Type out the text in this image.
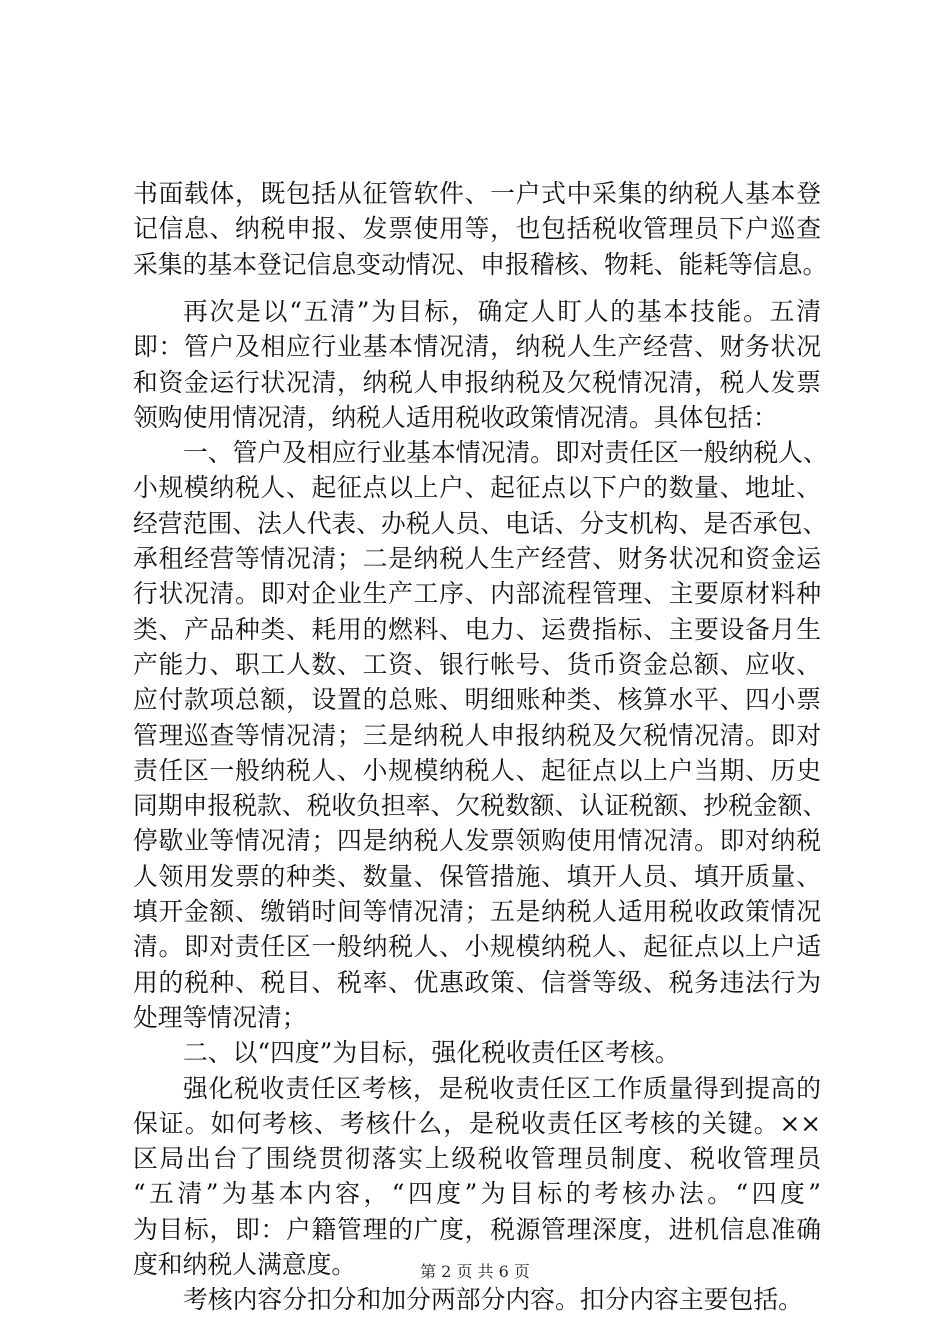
书面载体，既包括从征管软件、一户式中采集的纳税人基本登
记信息、纳税申报、发票使用等，也包括税收管理员下户巡查
采集的基本登记信息变动情况、申报稽核、物耗、能耗等信息。
再次是以“五清”为目标，确定人盯人的基本技能。五清
即：管户及相应行业基本情况清，纳税人生产经营、财务状况
和资金运行状况清，纳税人申报纳税及欠税情况清，税人发票
领购使用情况清，纳税人适用税收政策情况清。具体包括：
一、管户及相应行业基本情况清。即对责任区一般纳税人、
小规模纳税人、起征点以上户、起征点以下户的数量、地址、
经营范围、法人代表、办税人员、电话、分支机构、是否承包、
承租经营等情况清；二是纳税人生产经营、财务状况和资金运
行状况清。即对企业生产工序、内部流程管理、主要原材料种
类、产品种类、耗用的燃料、电力、运费指标、主要设备月生
产能力、职工人数、工资、银行帐号、货币资金总额、应收、
应付款项总额，设置的总账、明细账种类、核算水平、四小票
管理巡查等情况清；三是纳税人申报纳税及欠税情况清。即对
责任区一般纳税人、小规模纳税人、起征点以上户当期、历史
同期申报税款、税收负担率、欠税数额、认证税额、抄税金额、
停歇业等情况清；四是纳税人发票领购使用情况清。即对纳税
人领用发票的种类、数量、保管措施、填开人员、填开质量、
填开金额、缴销时间等情况清；五是纳税人适用税收政策情况
清。即对责任区一般纳税人、小规模纳税人、起征点以上户适
用的税种、税目、税率、优惠政策、信誉等级、税务违法行为
处理等情况清；
二、以“四度”为目标，强化税收责任区考核。
强化税收责任区考核，是税收责任区工作质量得到提高的
保证。如何考核、考核什么，是税收责任区考核的关键。××
区局出台了围绕贯彻落实上级税收管理员制度、税收管理员
“五清”为基本内容，“四度”为目标的考核办法。“四度”
为目标，即：户籍管理的广度，税源管理深度，进机信息准确
度和纳税人满意度。
考核内容分扣分和加分两部分内容。扣分内容主要包括。
第 2 页 共 6 页
